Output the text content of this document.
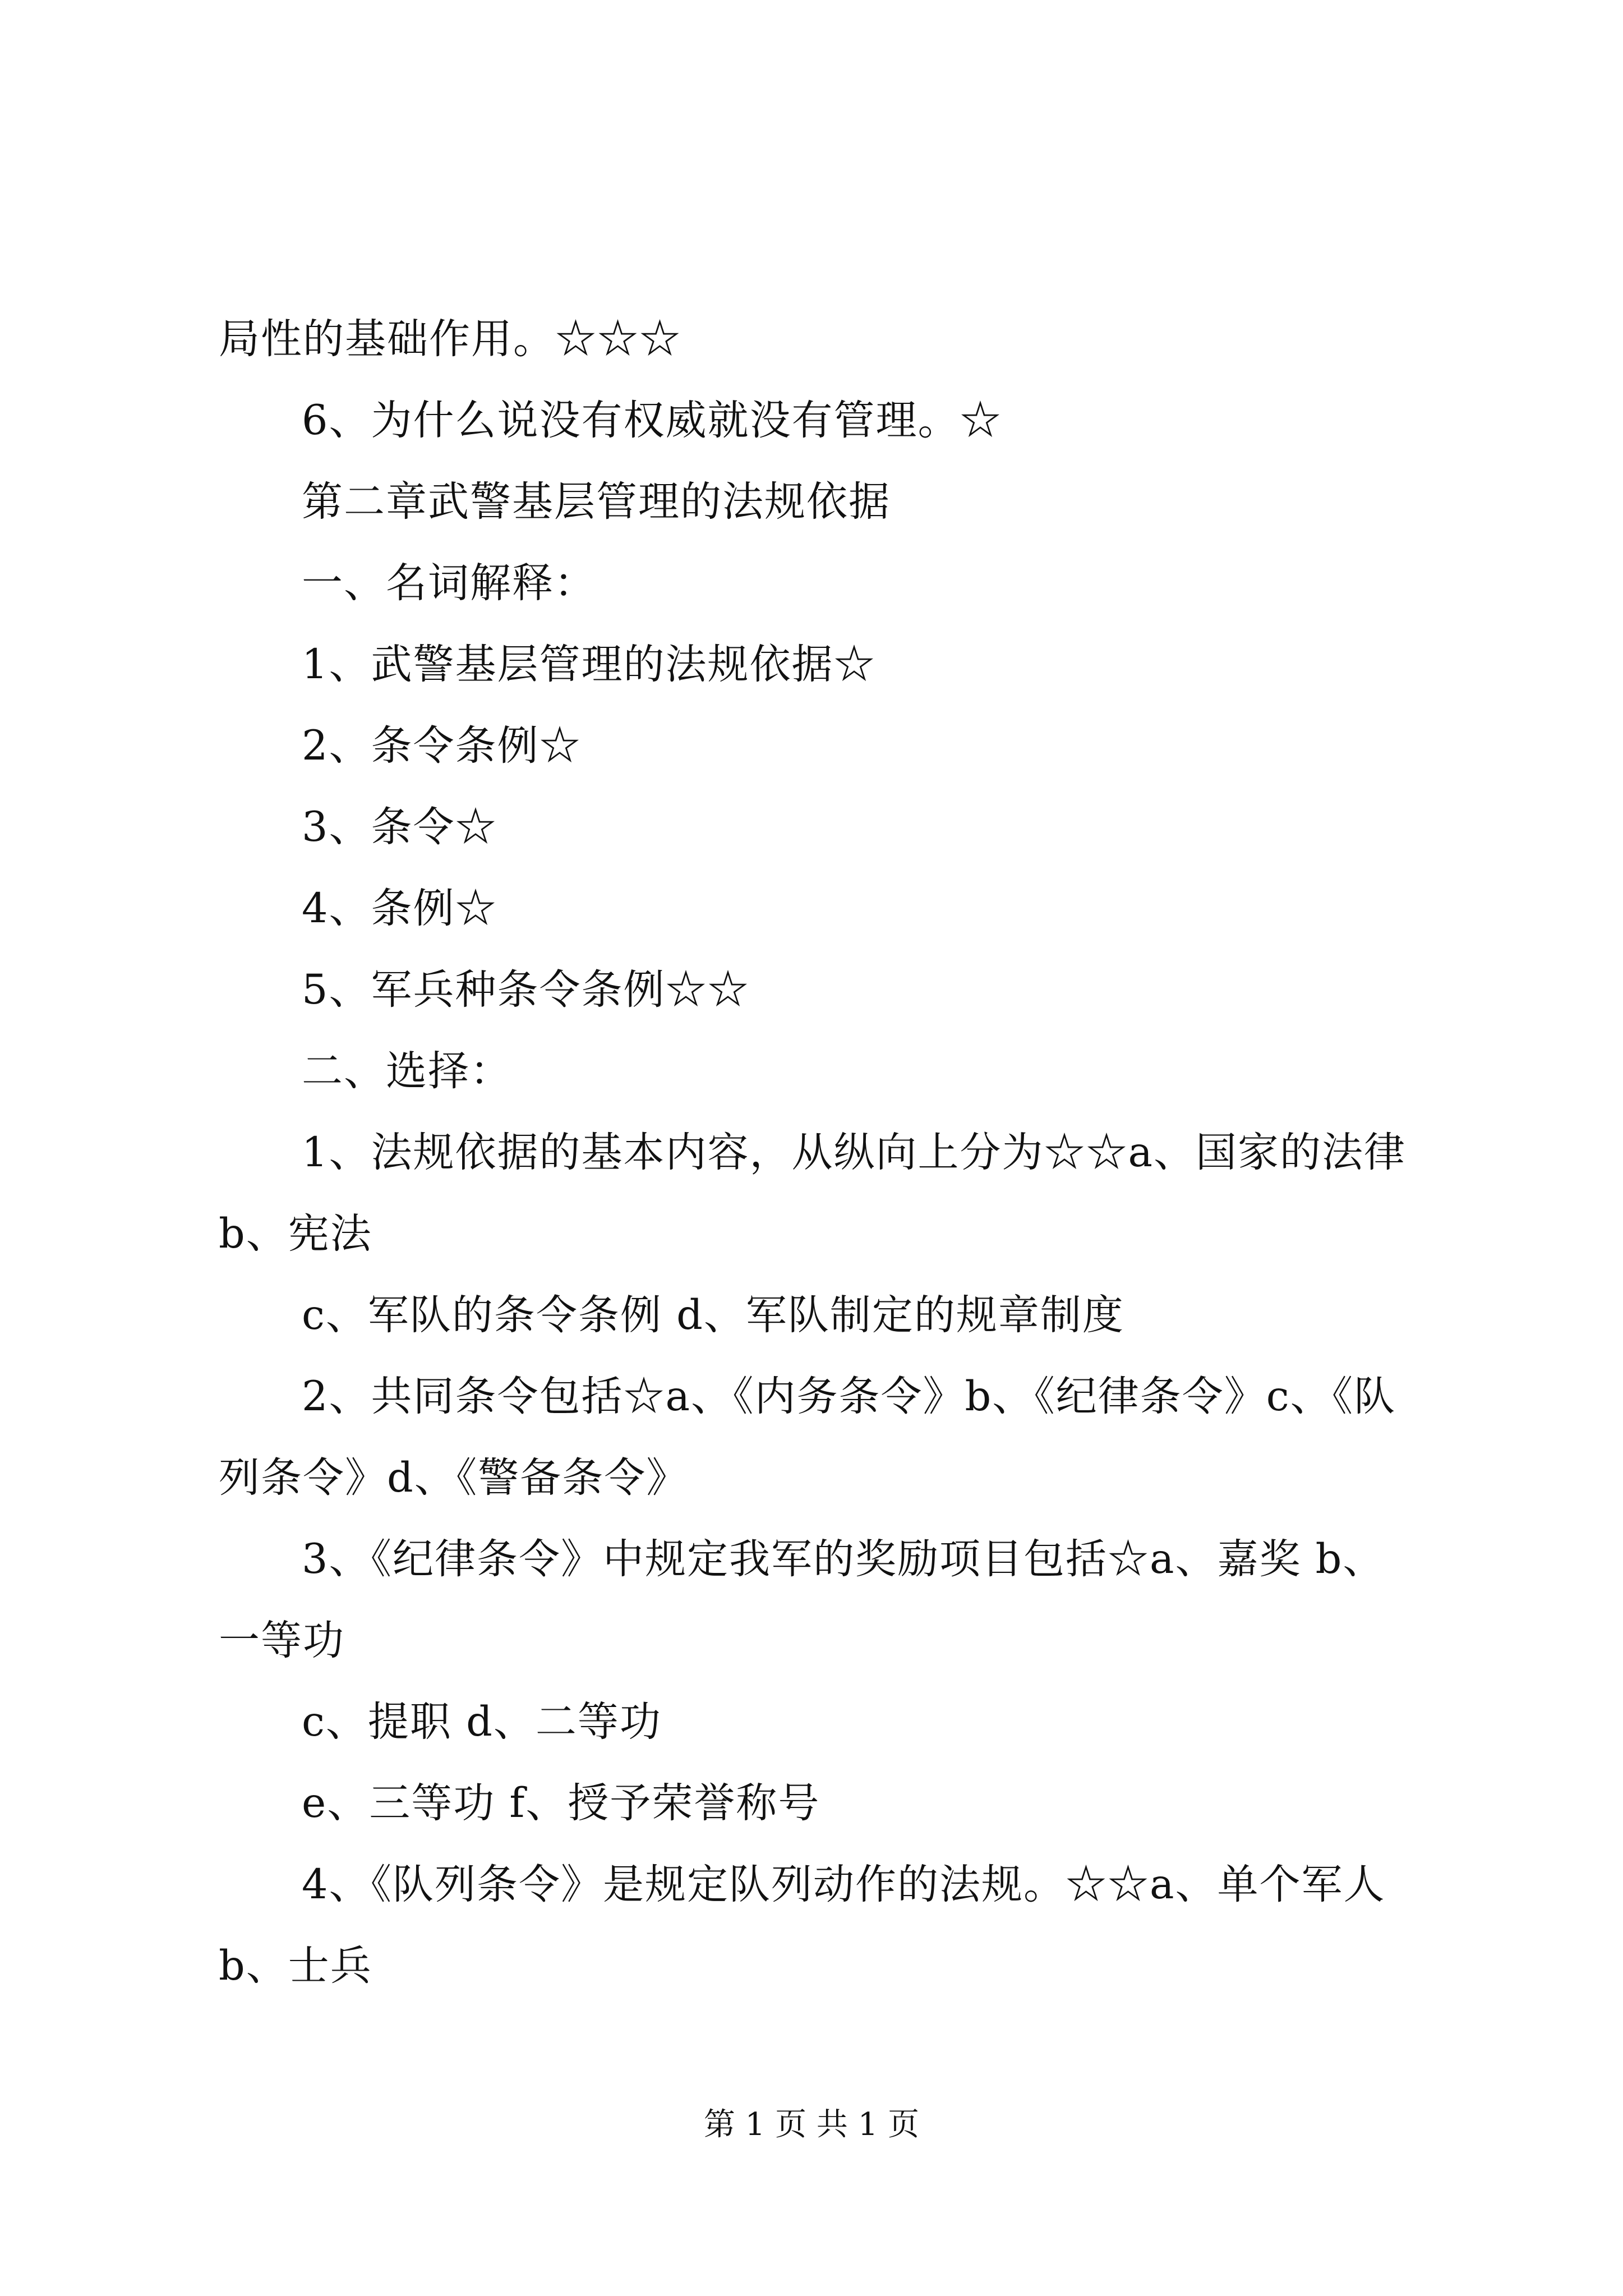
局性的基础作用。☆☆☆
6、为什么说没有权威就没有管理。☆
第二章武警基层管理的法规依据
一、名词解释：
1、武警基层管理的法规依据☆
2、条令条例☆
3、条令☆
4、条例☆
5、军兵种条令条例☆☆
二、选择：
1、法规依据的基本内容，从纵向上分为☆☆a、国家的法律
b、宪法
c、军队的条令条例 d、军队制定的规章制度
2、共同条令包括☆a、《内务条令》b、《纪律条令》c、《队
列条令》d、《警备条令》
3、《纪律条令》中规定我军的奖励项目包括☆a、嘉奖 b、
一等功
c、提职 d、二等功
e、三等功 f、授予荣誉称号
4、《队列条令》是规定队列动作的法规。☆☆a、单个军人
b、士兵
第 1 页 共 1 页
